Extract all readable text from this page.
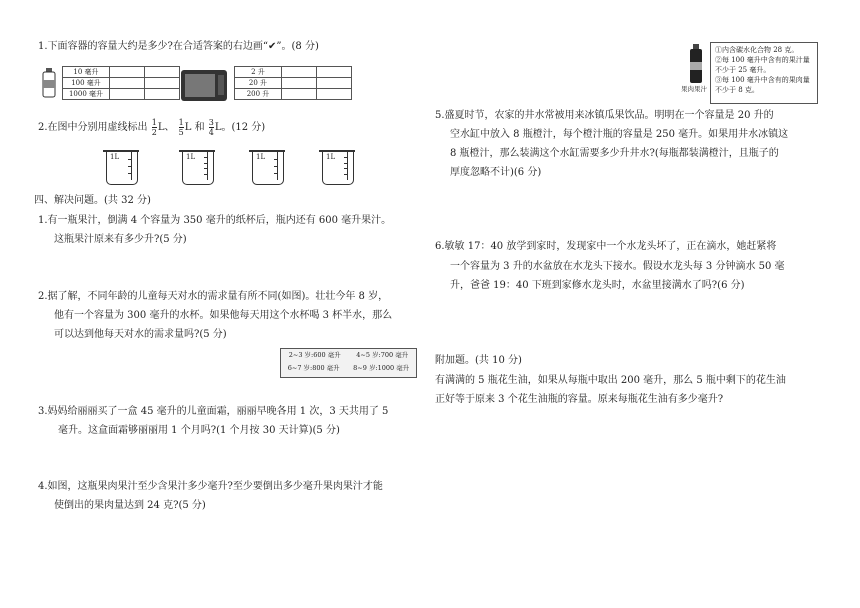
1.下面容器的容量大约是多少?在合适答案的右边画“✔”。(8 分)
10 毫升		
100 毫升		
1000 毫升		
2 升		
20 升		
200 升		
2.在图中分别用虚线标出 $\frac{1}{2}$ L、 $\frac{1}{5}$ L 和 $\frac{3}{4}$ L。(12 分)
1L	1L	1L	1L
四、解决问题。(共 32 分)
1.有一瓶果汁，倒满 4 个容量为 350 毫升的纸杯后，瓶内还有 600 毫升果汁。
这瓶果汁原来有多少升?(5 分)
2.据了解，不同年龄的儿童每天对水的需求量有所不同(如图)。壮壮今年 8 岁，
他有一个容量为 300 毫升的水杯。如果他每天用这个水杯喝 3 杯半水，那么
可以达到他每天对水的需求量吗?(5 分)
2~3 岁:600 毫升 4~5 岁:700 毫升
6~7 岁:800 毫升 8~9 岁:1000 毫升
3.妈妈给丽丽买了一盒 45 毫升的儿童面霜，丽丽早晚各用 1 次，3 天共用了 5
毫升。这盒面霜够丽丽用 1 个月吗?(1 个月按 30 天计算)(5 分)
4.如图，这瓶果肉果汁至少含果汁多少毫升?至少要倒出多少毫升果肉果汁才能
使倒出的果肉量达到 24 克?(5 分)
果肉果汁
①内含碳水化合物 28 克。
②每 100 毫升中含有的果汁量
不少于 25 毫升。
③每 100 毫升中含有的果肉量
不少于 8 克。
5.盛夏时节，农家的井水常被用来冰镇瓜果饮品。明明在一个容量是 20 升的
空水缸中放入 8 瓶橙汁，每个橙汁瓶的容量是 250 毫升。如果用井水冰镇这
8 瓶橙汁，那么装满这个水缸需要多少升井水?(每瓶都装满橙汁，且瓶子的
厚度忽略不计)(6 分)
6.敏敏 17：40 放学到家时，发现家中一个水龙头坏了，正在滴水，她赶紧将
一个容量为 3 升的水盆放在水龙头下接水。假设水龙头每 3 分钟滴水 50 毫
升，爸爸 19：40 下班到家修水龙头时，水盆里接满水了吗?(6 分)
附加题。(共 10 分)
有满满的 5 瓶花生油，如果从每瓶中取出 200 毫升，那么 5 瓶中剩下的花生油
正好等于原来 3 个花生油瓶的容量。原来每瓶花生油有多少毫升?
